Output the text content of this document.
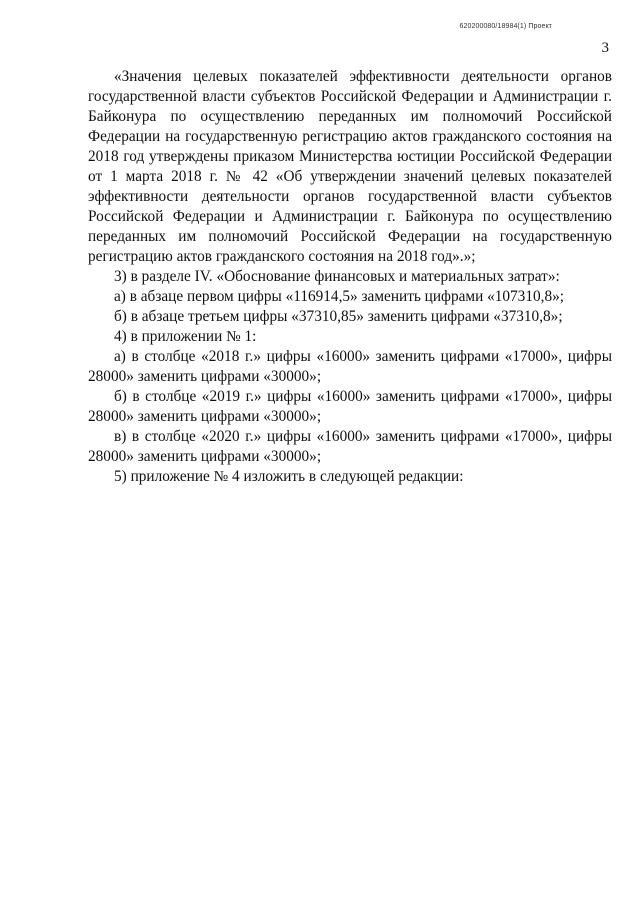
620200080/18984(1) Проект
3

«Значения целевых показателей эффективности деятельности органов государственной власти субъектов Российской Федерации и Администрации г. Байконура по осуществлению переданных им полномочий Российской Федерации на государственную регистрацию актов гражданского состояния на 2018 год утверждены приказом Министерства юстиции Российской Федерации от 1 марта 2018 г. № 42 «Об утверждении значений целевых показателей эффективности деятельности органов государственной власти субъектов Российской Федерации и Администрации г. Байконура по осуществлению переданных им полномочий Российской Федерации на государственную регистрацию актов гражданского состояния на 2018 год».»;

3) в разделе IV. «Обоснование финансовых и материальных затрат»:

а) в абзаце первом цифры «116914,5» заменить цифрами «107310,8»;

б) в абзаце третьем цифры «37310,85» заменить цифрами «37310,8»;

4) в приложении № 1:

а) в столбце «2018 г.» цифры «16000» заменить цифрами «17000», цифры 28000» заменить цифрами «30000»;

б) в столбце «2019 г.» цифры «16000» заменить цифрами «17000», цифры 28000» заменить цифрами «30000»;

в) в столбце «2020 г.» цифры «16000» заменить цифрами «17000», цифры 28000» заменить цифрами «30000»;

5) приложение № 4 изложить в следующей редакции:
